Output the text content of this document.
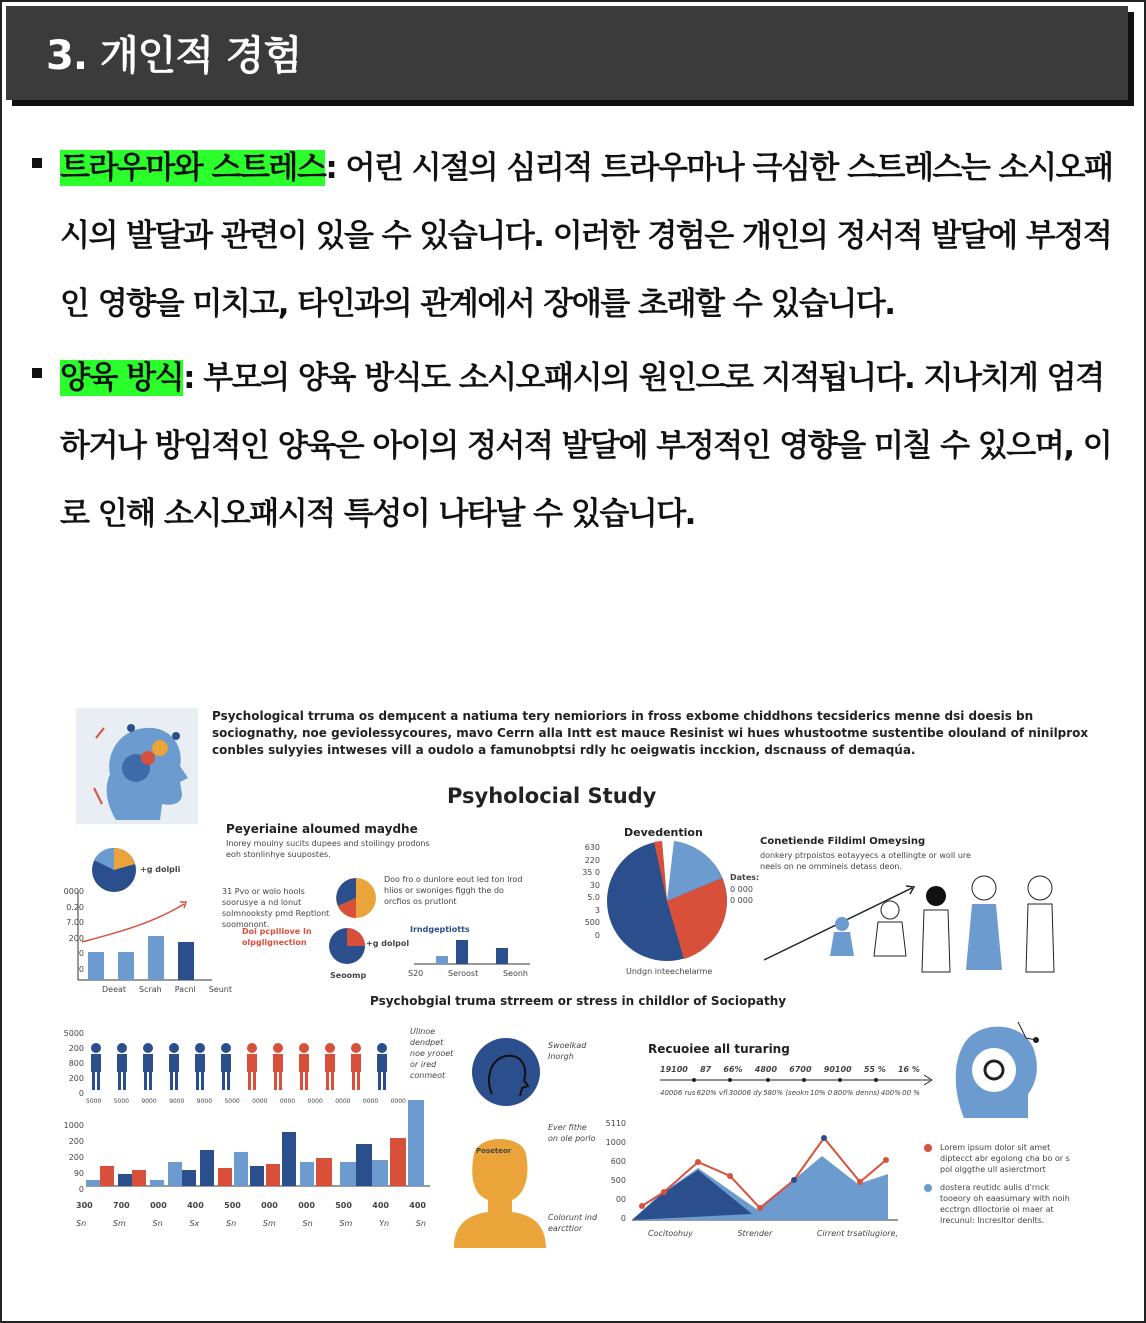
3. 개인적 경험

트라우마와 스트레스: 어린 시절의 심리적 트라우마나 극심한 스트레스는 소시오패시의 발달과 관련이 있을 수 있습니다. 이러한 경험은 개인의 정서적 발달에 부정적인 영향을 미치고, 타인과의 관계에서 장애를 초래할 수 있습니다.

양육 방식: 부모의 양육 방식도 소시오패시의 원인으로 지적됩니다. 지나치게 엄격하거나 방임적인 양육은 아이의 정서적 발달에 부정적인 영향을 미칠 수 있으며, 이로 인해 소시오패시적 특성이 나타날 수 있습니다.

Psychological trruma os demµcent a natiuma tery nemioriors in fross exbome chiddhons tecsiderics menne dsi doesis bn sociognathy, noe geviolessycoures, mavo Cerrn alla Intt est mauce Resinist wi hues whustootme sustentibe olouland of ninilprox conbles sulyyies intweses vill a oudolo a famunobptsi rdly hc oeigwatis incckion, dscnauss of demaqúa.
Psyholocial Study
Peyeriaine aloumed maydhe
Inorey mouiny sucits dupees and stoilingy prodons eoh stonlinhye suupostes.
+g dolpli
0000
0.20
7.00
200
0
0
Deeat Scrah Pacnl Seunt
31 Pvo or wolo hools soorusye a nd lonut solmnooksty pmd Reptlont soomonont.
Doi pcplllove In olpglignection
Doo fro o dunlore eout led ton lrod hlios or swoniges figgh the do orcfios os prutlont
+g dolpol
Seoomp
Irndgeptiotts
S20	Seroost	Seonh
Devedention
630
220
35 0
30
5.0
3
500
0
Undgn inteechelarme
Dates:
0 000
0 000
Conetiende Fildiml Omeysing
donkery ptrpoistos eotayyecs a otellingte or woll ure neels on ne ommineis detass deon.
Psychobgial truma strreem or stress in childlor of Sociopathy
5000
200
800
200
0
5000 5000 9000 9000 9000 5000 0000 0000 0000 0000 0000 0000
Ulinoe dendpet noe yrooet or ired conmeot
1000
200
200
90
0
300	700	000	400	500	000	000	500	400	400
Sn	Sm	Sn	Sx	Sn	Sm	Sn	Sm	Yn	Sn
Swoelkad Inorgh
Poseteor
Ever fithe on ole porlo
Colorunt ind earcttior
Recuoiee all turaring
19100 87 66% 4800 6700 90100 55 % 16 %
40006 rus 620% vfl 30006 dy 580% (seokn 10% 0 800% denns) 400% 00 %
5110
1000
600
500
00
0
Cocitoohuy	Strender	Cirrent trsatilugiore,
Lorem ipsum dolor sit amet diptecct abr egolong cha bo or s pol olggthe ull asierctmort
dostera reutidc aulis d'rnck tooeory oh eaasumary with noih ecctrgn dlloctorie oi maer at lrecunul: lncresltor denlts.
